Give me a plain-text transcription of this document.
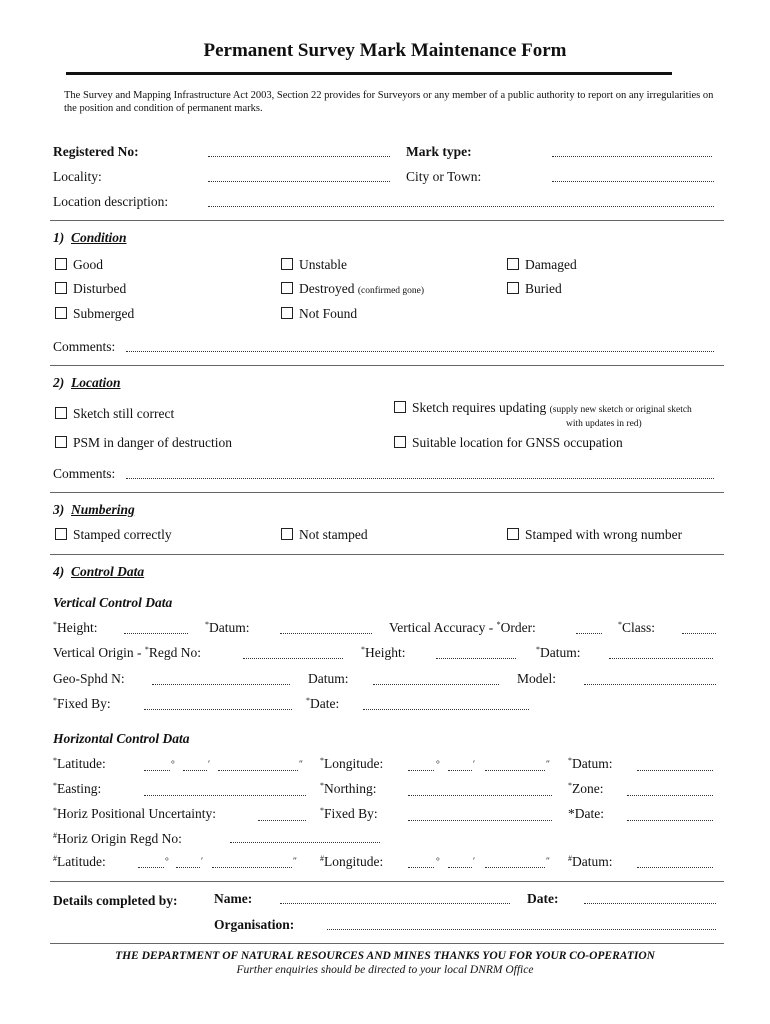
Permanent Survey Mark Maintenance Form
The Survey and Mapping Infrastructure Act 2003, Section 22 provides for Surveyors or any member of a public authority to report on any irregularities on the position and condition of permanent marks.
Registered No:	Mark type:
Locality:	City or Town:
Location description:
1) Condition
Good	Unstable	Damaged
Disturbed	Destroyed (confirmed gone)	Buried
Submerged	Not Found
Comments:
2) Location
Sketch still correct	Sketch requires updating (supply new sketch or original sketch
with updates in red)
PSM in danger of destruction	Suitable location for GNSS occupation
Comments:
3) Numbering
Stamped correctly	Not stamped	Stamped with wrong number
4) Control Data
Vertical Control Data
*Height:	*Datum:	Vertical Accuracy - *Order:	*Class:
Vertical Origin - *Regd No:	*Height:	*Datum:
Geo-Sphd N:	Datum:	Model:
*Fixed By:	*Date:
Horizontal Control Data
*Latitude:	°	′	″ *Longitude:	°	′	″ *Datum:
*Easting:	*Northing:	*Zone:
*Horiz Positional Uncertainty:	*Fixed By:	*Date:
#Horiz Origin Regd No:
#Latitude:	°	′	″	#Longitude:	°	′	″ #Datum:
Details completed by:	Name:	Date:
Organisation:
THE DEPARTMENT OF NATURAL RESOURCES AND MINES THANKS YOU FOR YOUR CO-OPERATION
Further enquiries should be directed to your local DNRM Office
